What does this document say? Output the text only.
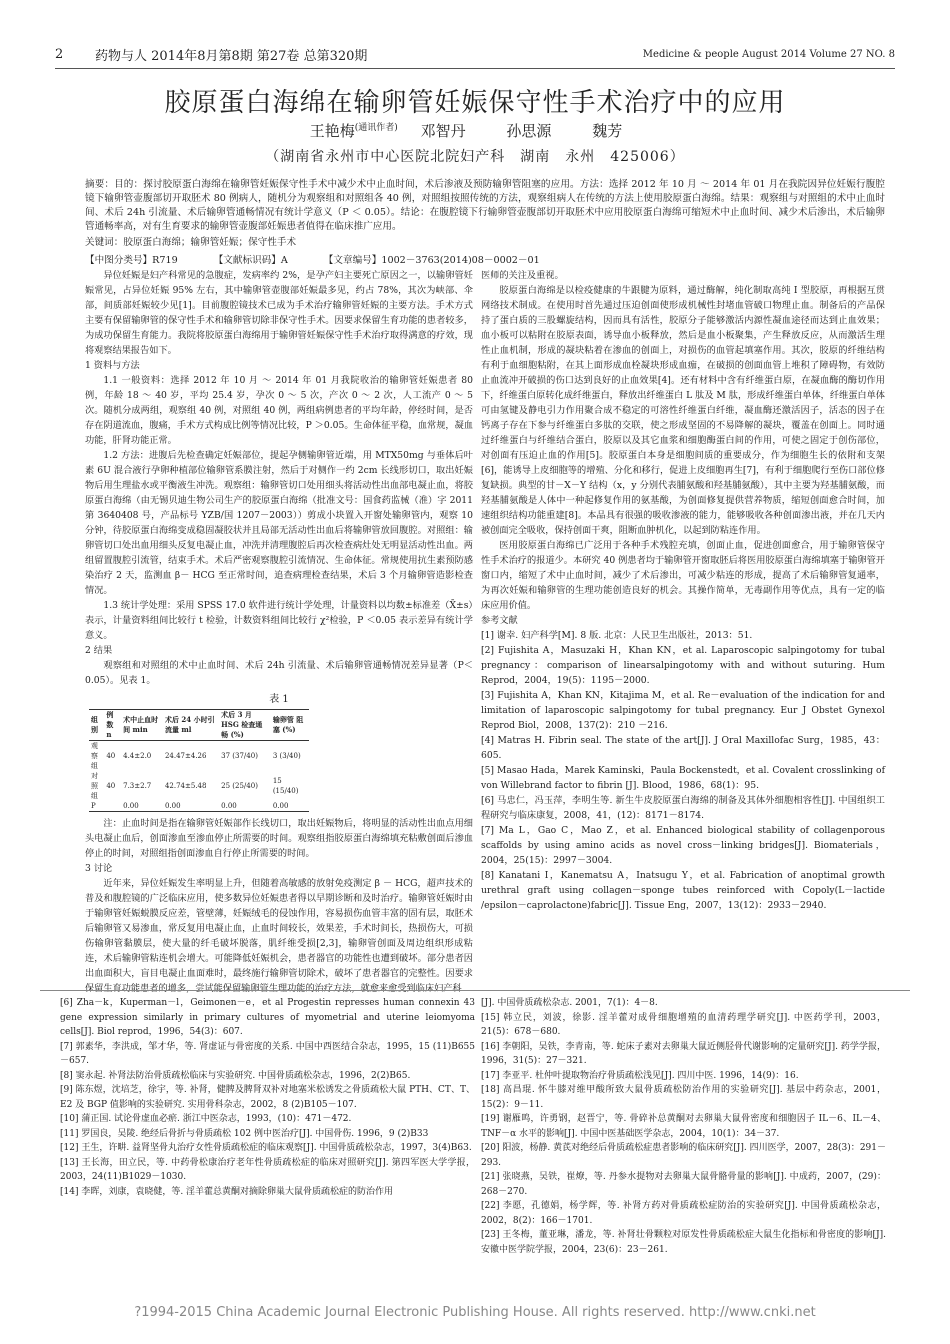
2	药物与人 2014年8月第8期 第27卷 总第320期	Medicine & people August 2014 Volume 27 NO. 8
胶原蛋白海绵在输卵管妊娠保守性手术治疗中的应用
王艳梅$^{(通讯作者)}$ 邓智丹	孙思源	魏芳
（湖南省永州市中心医院北院妇产科　湖南　永州　425006）
摘要：目的：探讨胶原蛋白海绵在输卵管妊娠保守性手术中减少术中止血时间，术后渗液及预防输卵管阻塞的应用。方法：选择 2012 年 10 月 ～ 2014 年 01 月在我院因异位妊娠行腹腔镜下输卵管壶腹部切开取胚术 80 例病人，随机分为观察组和对照组各 40 例，对照组按照传统的方法，观察组病人在传统的方法上使用胶原蛋白海绵。结果：观察组与对照组的术中止血时间、术后 24h 引流量、术后输卵管通畅情况有统计学意义（P ＜ 0.05）。结论：在腹腔镜下行输卵管壶腹部切开取胚术中应用胶原蛋白海绵可缩短术中止血时间、减少术后渗出，术后输卵管通畅率高，对有生育要求的输卵管壶腹部妊娠患者值得在临床推广应用。
关键词：胶原蛋白海绵；输卵管妊娠；保守性手术
【中图分类号】R719	【文献标识码】A	【文章编号】1002－3763(2014)08－0002－01

异位妊娠是妇产科常见的急腹症，发病率约 2%，是孕产妇主要死亡原因之一，以输卵管妊娠常见，占异位妊娠 95% 左右，其中输卵管壶腹部妊娠最多见，约占 78%，其次为峡部、伞部，间质部妊娠较少见[1]。目前腹腔镜技术已成为手术治疗输卵管妊娠的主要方法。手术方式主要有保留输卵管的保守性手术和输卵管切除非保守性手术。因要求保留生育功能的患者较多，为成功保留生育能力。我院将胶原蛋白海绵用于输卵管妊娠保守性手术治疗取得满意的疗效，现将观察结果报告如下。

1 资料与方法

1.1 一般资料：选择 2012 年 10 月 ～ 2014 年 01 月我院收治的输卵管妊娠患者 80 例，年龄 18 ～ 40 岁，平均 25.4 岁，孕次 0 ～ 5 次，产次 0 ～ 2 次，人工流产 0 ～ 5 次。随机分成两组，观察组 40 例，对照组 40 例，两组病例患者的平均年龄，停经时间，是否存在阴道流血，腹痛，手术方式构成比例等情况比较，P ＞0.05。生命体征平稳，血常规，凝血功能，肝肾功能正常。

1.2 方法：进腹后先检查确定妊娠部位，提起孕侧输卵管近端，用 MTX50mg 与垂体后叶素 6U 混合液行孕卵种植部位输卵管系膜注射，然后于对侧作一约 2cm 长线形切口，取出妊娠物后用生理盐水或平衡液生冲洗。观察组：输卵管切口处用细头将活动性出血部电凝止血，将胶原蛋白海绵（由无锡贝迪生物公司生产的胶原蛋白海绵（批准文号：国食药监械（准）字 2011 第 3640408 号，产品标号 YZB/国 1207－2003））剪成小块置入开窗处输卵管内，观察 10 分钟，待胶原蛋白海绵变成稳固凝胶状并且局部无活动性出血后将输卵管放回腹腔。对照组：输卵管切口处出血用细头反复电凝止血，冲洗并清理腹腔后再次检查病灶处无明显活动性出血。两组留置腹腔引流管，结束手术。术后严密观察腹腔引流情况、生命体征。常规使用抗生素预防感染治疗 2 天，监测血 β－ HCG 至正常时间，追查病理检查结果，术后 3 个月输卵管造影检查情况。

1.3 统计学处理：采用 SPSS 17.0 软件进行统计学处理，计量资料以均数±标准差（X̄±s）表示，计量资料组间比较行 t 检验，计数资料组间比较行 χ²检验，P ＜0.05 表示差异有统计学意义。

2 结果

观察组和对照组的术中止血时间、术后 24h 引流量、术后输卵管通畅情况差异显著（P＜0.05）。见表 1。

表 1
组别	例数 n	术中止血时间 min	术后 24 小时引流量 ml	术后 3 月 HSG 检查通畅 (%)	输卵管 阻塞 (%)
观察组	40	4.4±2.0	24.47±4.26	37 (37/40)	3 (3/40)
对照组	40	7.3±2.7	42.74±5.48	25 (25/40)	15 (15/40)
P		0.00	0.00	0.00	0.00

注：止血时间是指在输卵管妊娠部作长线切口，取出妊娠物后，将明显的活动性出血点用细头电凝止血后，创面渗血至渗血停止所需要的时间。观察组指胶原蛋白海绵填充粘敷创面后渗血停止的时间，对照组指创面渗血自行停止所需要的时间。

3 讨论

近年来，异位妊娠发生率明显上升，但随着高敏感的放射免疫测定 β － HCG，超声技术的普及和腹腔镜的广泛临床应用，使多数异位妊娠患者得以早期诊断和及时治疗。输卵管妊娠时由于输卵管妊娠蜕膜反应差，管壁薄，妊娠绒毛的侵蚀作用，容易损伤血管丰富的固有层，取胚术后输卵管又易渗血，常反复用电凝止血，止血时间较长，效果差，手术时间长，热损伤大，可损伤输卵管黏膜层，使大量的纤毛破坏脱落，肌纤维受损[2,3]，输卵管创面及周边组织形成粘连，术后输卵管粘连机会增大。可能降低妊娠机会，患者器官的功能性也遭到破坏。部分患者因出血面积大，盲目电凝止血面难时，最终施行输卵管切除术，破坏了患者器官的完整性。因要求保留生育功能患者的增多，尝试能保留输卵管生理功能的治疗方法，就愈来愈受到临床妇产科

医师的关注及重视。

胶原蛋白海绵是以检疫健康的牛跟腱为原料，通过酶解，纯化制取高纯 I 型胶原，再根据互贯网络技术制成。在使用时首先通过压迫创面使形成机械性封堵血管破口物理止血。制备后的产品保持了蛋白质的三股螺旋结构，因而具有活性，胶原分子能够激活内源性凝血途径而达到止血效果；血小板可以粘附在胶原表面，诱导血小板释放，然后是血小板聚集，产生释放反应，从而激活生理性止血机制，形成的凝块粘着在渗血的创面上，对损伤的血管起填塞作用。其次，胶原的纤维结构有利于血细胞粘附，在其上面形成血栓凝块形成血痂，在破损的创面血管上堆积了障碍物，有效防止血流冲开破损的伤口达到良好的止血效果[4]。还有材料中含有纤维蛋白原，在凝血酶的酶切作用下，纤维蛋白原转化成纤维蛋白，释放出纤维蛋白 L 肽及 M 肽，形成纤维蛋白单体，纤维蛋白单体可由氢键及静电引力作用聚合成不稳定的可溶性纤维蛋白纤维，凝血酶还激活因子，活态的因子在钙离子存在下参与纤维蛋白多肽的交联，使之形成坚固的不易降解的凝块，覆盖在创面上。同时通过纤维蛋白与纤维结合蛋白，胶原以及其它血浆和细胞酶蛋白间的作用，可使之固定于创伤部位，对创面有压迫止血的作用[5]。胶原蛋白本身是细胞间质的重要成分，作为细胞生长的依附和支架[6]，能诱导上皮细胞等的增殖、分化和移行，促进上皮细胞再生[7]，有利于细胞爬行至伤口部位修复缺损。典型的甘－X－Y 结构（x，y 分别代表脯氨酸和羟基脯氨酸），其中主要为羟基脯氨酸，而羟基脯氨酸是人体中一种起修复作用的氨基酸，为创面修复提供营养物质，缩短创面愈合时间，加速组织结构功能重建[8]。本品具有很强的吸收渗液的能力，能够吸收各种创面渗出液，并在几天内被创面完全吸收，保持创面干爽，阻断血肿机化，以起到防粘连作用。

医用胶原蛋白海绵已广泛用于各种手术残腔充填，创面止血，促进创面愈合，用于输卵管保守性手术治疗的报道少。本研究 40 例患者均于输卵管开窗取胚后将医用胶原蛋白海绵填塞于输卵管开窗口内，缩短了术中止血时间，减少了术后渗出，可减少粘连的形成，提高了术后输卵管复通率，为再次妊娠和输卵管的生理功能创造良好的机会。其操作简单，无毒副作用等优点，具有一定的临床应用价值。

参考文献

[1] 谢幸. 妇产科学[M]. 8 版. 北京：人民卫生出版社，2013：51.

[2] Fujishita A，Masuzaki H，Khan KN，et al. Laparoscopic salpingotomy for tubal pregnancy：comparison of linearsalpingotomy with and without suturing. Hum Reprod，2004，19(5)：1195－2000.

[3] Fujishita A，Khan KN，Kitajima M，et al. Re－evaluation of the indication for and limitation of laparoscopic salpingotomy for tubal pregnancy. Eur J Obstet Gynexol Reprod Biol，2008，137(2)：210 －216.

[4] Matras H. Fibrin seal. The state of the art[J]. J Oral Maxillofac Surg，1985，43：605.

[5] Masao Hada，Marek Kaminski，Paula Bockenstedt，et al. Covalent crosslinking of von Willebrand factor to fibrin [J]. Blood，1986，68(1)：95.

[6] 马忠仁，冯玉萍，李明生等. 新生牛皮胶原蛋白海绵的制备及其体外细胞相容性[J]. 中国组织工程研究与临床康复，2008，41，(12)：8171－8174.

[7] Ma L，Gao C，Mao Z，et al. Enhanced biological stability of collagenporous scaffolds by using amino acids as novel cross－linking bridges[J]. Biomaterials，2004，25(15)：2997－3004.

[8] Kanatani I，Kanematsu A，Inatsugu Y，et al. Fabrication of anoptimal growth urethral graft using collagen－sponge tubes reinforced with Copoly(L－lactide /epsilon－caprolactone)fabric[J]. Tissue Eng，2007，13(12)：2933－2940.

[6] Zha－k，Kuperman－l，Geimonen－e，et al Progestin represses human connexin 43 gene expression similarly in primary cultures of myometrial and uterine leiomyoma cells[J]. Biol reprod，1996，54(3)：607.

[7] 郭素华，李洪成，邹才华，等. 肾虚证与骨密度的关系. 中国中西医结合杂志，1995，15 (11)B655－657.

[8] 窦永起. 补肾法防治骨质疏松临床与实验研究. 中国骨质疏松杂志，1996，2(2)B65.

[9] 陈东煜，沈培芝，徐宇，等. 补肾，健脾及脾肾双补对地塞米松诱发之骨质疏松大鼠 PTH、CT、T、E2 及 BGP 值影响的实验研究. 实用骨科杂志，2002，8 (2)B105－107.

[10] 蒲正国. 试论骨虚血必瘀. 浙江中医杂志，1993，(10)：471－472.

[11] 罗国良，吴陵. 绝经后骨折与骨质疏松 102 例中医治疗[J]. 中国骨伤. 1996，9 (2)B33

[12] 王生，许畊. 益肾坚骨丸治疗女性骨质疏松症的临床观察[J]. 中国骨质疏松杂志，1997，3(4)B63.

[13] 王长海，田立民，等. 中药骨松康治疗老年性骨质疏松症的临床对照研究[J]. 第四军医大学学报，2003，24(11)B1029－1030.

[14] 李晖，刘康，袁晓健，等. 淫羊藿总黄酮对摘除卵巢大鼠骨质疏松症的防治作用

[J]. 中国骨质疏松杂志. 2001，7(1)：4－8.

[15] 韩立民，刘波，徐影. 淫羊藿对成骨细胞增殖的血清药理学研究[J]. 中医药学刊，2003，21(5)：678－680.

[16] 李朝阳，吴铁，李青南，等. 蛇床子素对去卵巢大鼠近侧胫骨代谢影响的定量研究[J]. 药学学报，1996，31(5)：27－321.

[17] 李亚平. 杜仲叶提取物治疗骨质疏松浅见[J]. 四川中医. 1996，14(9)：16.

[18] 高昌琨. 怀牛膝对维甲酸所致大鼠骨质疏松防治作用的实验研究[J]. 基层中药杂志，2001，15(2)：9－11.

[19] 谢雁鸣，许勇钢，赵晋宁，等. 骨碎补总黄酮对去卵巢大鼠骨密度和细胞因子 IL－6、IL－4、TNF－α 水平的影响[J]. 中国中医基础医学杂志，2004，10(1)：34－37.

[20] 阳波，杨静. 黄芪对绝经后骨质疏松症患者影响的临床研究[J]. 四川医学，2007，28(3)：291－293.

[21] 张晓燕，吴铁，崔燎，等. 丹参水提物对去卵巢大鼠骨骼骨量的影响[J]. 中成药，2007，(29)：268－270.

[22] 李愿，孔德娟，杨学辉，等. 补肾方药对骨质疏松症防治的实验研究[J]. 中国骨质疏松杂志，2002，8(2)：166－1701.

[23] 王冬梅，董亚琳，潘龙，等. 补肾壮骨颗粒对原发性骨质疏松症大鼠生化指标和骨密度的影响[J]. 安徽中医学院学报，2004，23(6)：23－261.

?1994-2015 China Academic Journal Electronic Publishing House. All rights reserved. http://www.cnki.net
